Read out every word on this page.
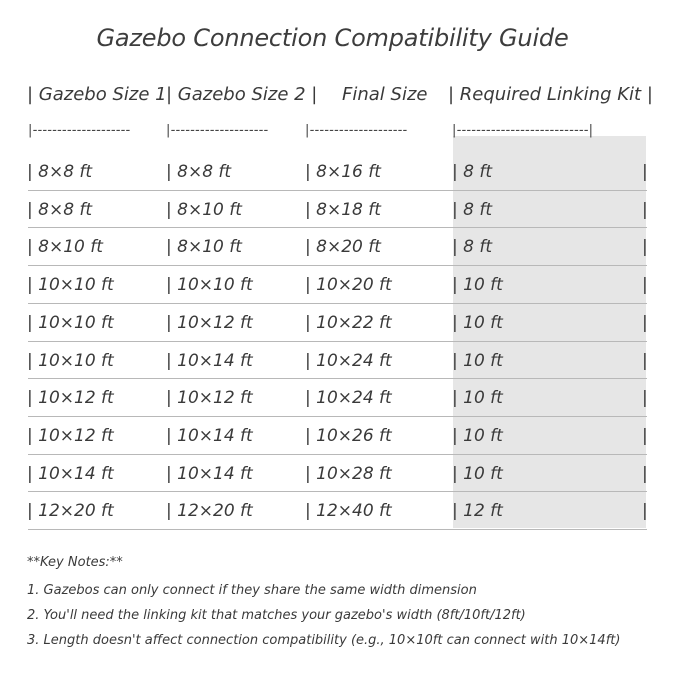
Gazebo Connection Compatibility Guide
| Gazebo Size 1 | Gazebo Size 2 | Final Size | Required Linking Kit |
|--------------------	|--------------------	|--------------------	|---------------------------|
| 8×8 ft	| 8×8 ft	| 8×16 ft	| 8 ft	|
| 8×8 ft	| 8×10 ft	| 8×18 ft	| 8 ft	|
| 8×10 ft	| 8×10 ft	| 8×20 ft	| 8 ft	|
| 10×10 ft	| 10×10 ft	| 10×20 ft	| 10 ft	|
| 10×10 ft	| 10×12 ft	| 10×22 ft	| 10 ft	|
| 10×10 ft	| 10×14 ft	| 10×24 ft	| 10 ft	|
| 10×12 ft	| 10×12 ft	| 10×24 ft	| 10 ft	|
| 10×12 ft	| 10×14 ft	| 10×26 ft	| 10 ft	|
| 10×14 ft	| 10×14 ft	| 10×28 ft	| 10 ft	|
| 12×20 ft	| 12×20 ft	| 12×40 ft	| 12 ft	|
**Key Notes:**
1. Gazebos can only connect if they share the same width dimension
2. You'll need the linking kit that matches your gazebo's width (8ft/10ft/12ft)
3. Length doesn't affect connection compatibility (e.g., 10×10ft can connect with 10×14ft)
